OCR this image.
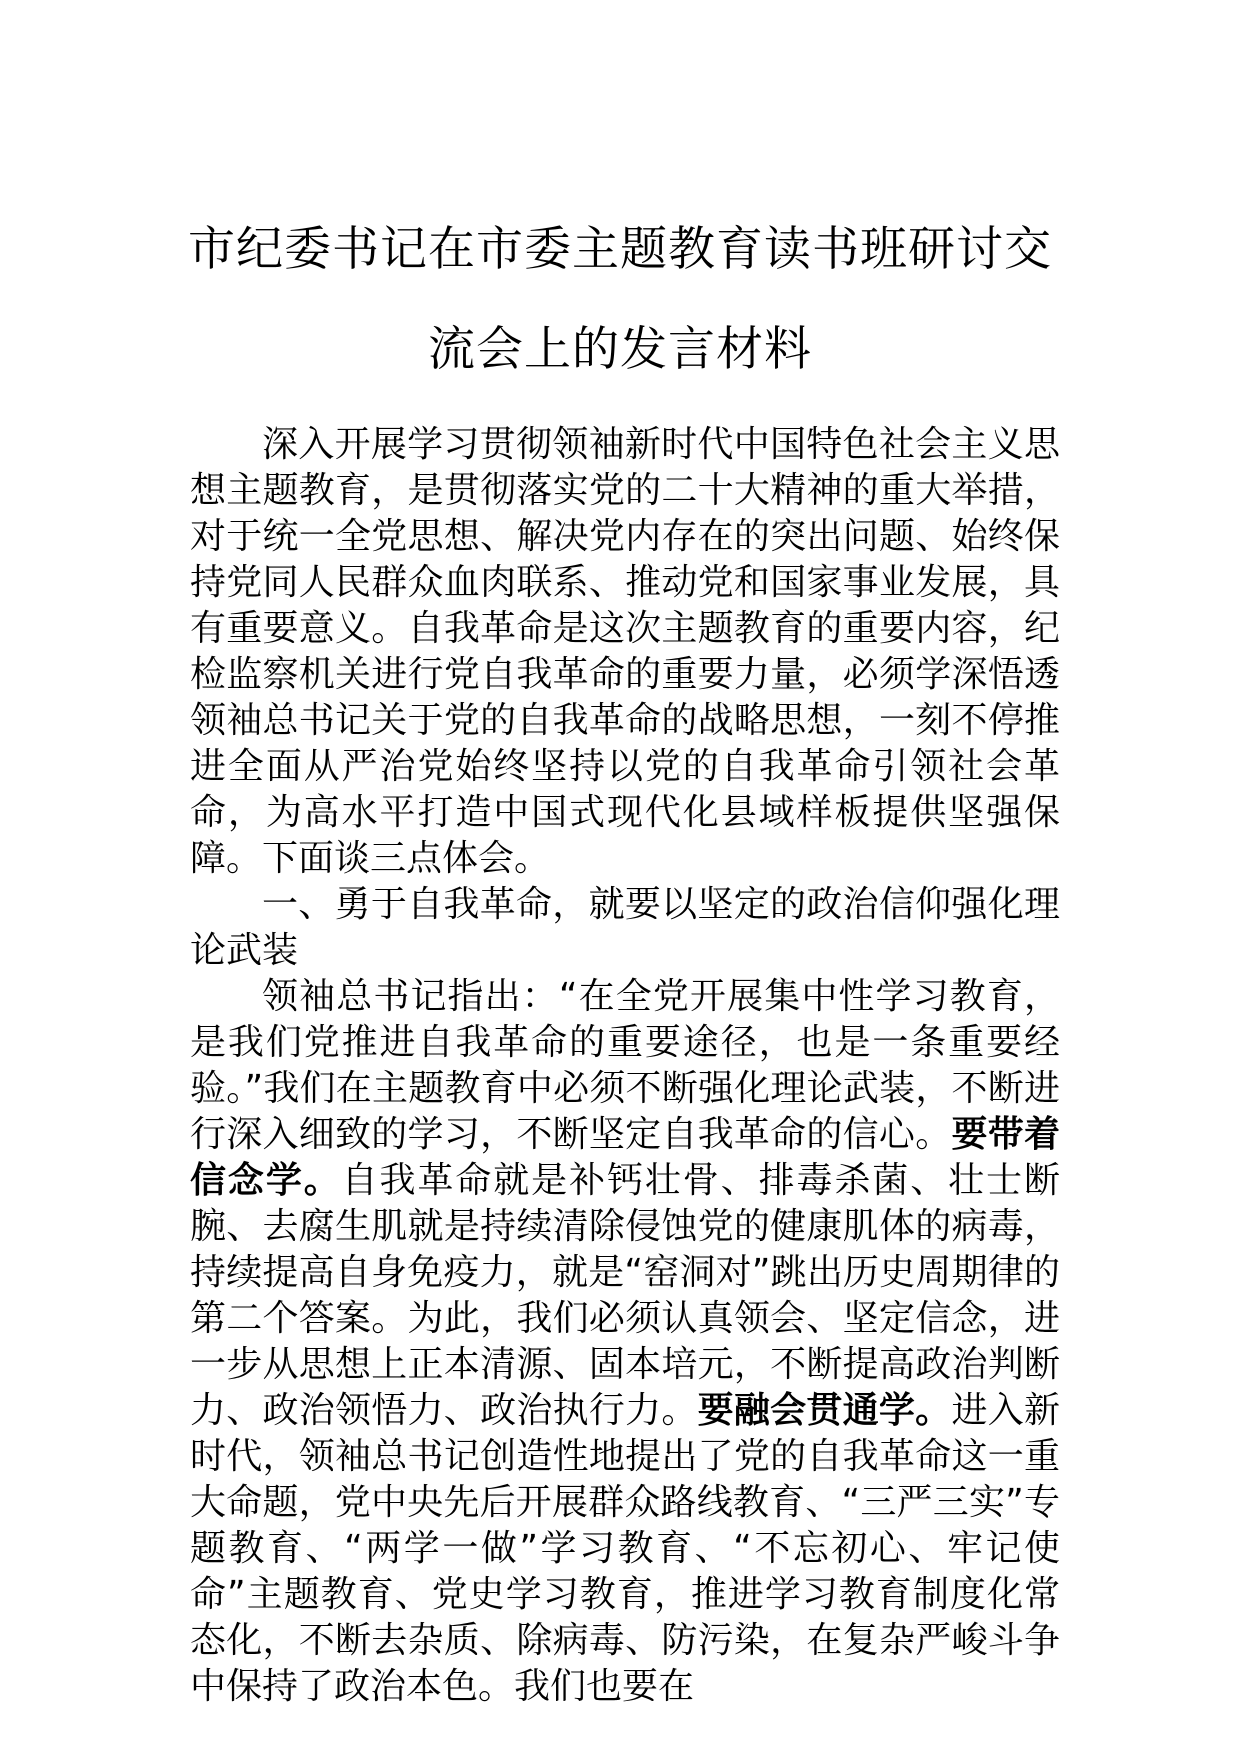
市纪委书记在市委主题教育读书班研讨交
流会上的发言材料

深入开展学习贯彻领袖新时代中国特色社会主义思想主题教育，是贯彻落实党的二十大精神的重大举措，对于统一全党思想、解决党内存在的突出问题、始终保持党同人民群众血肉联系、推动党和国家事业发展，具有重要意义。自我革命是这次主题教育的重要内容，纪检监察机关进行党自我革命的重要力量，必须学深悟透领袖总书记关于党的自我革命的战略思想，一刻不停推进全面从严治党始终坚持以党的自我革命引领社会革命，为高水平打造中国式现代化县域样板提供坚强保障。下面谈三点体会。

一、勇于自我革命，就要以坚定的政治信仰强化理论武装

领袖总书记指出：“在全党开展集中性学习教育，是我们党推进自我革命的重要途径，也是一条重要经验。”我们在主题教育中必须不断强化理论武装，不断进行深入细致的学习，不断坚定自我革命的信心。要带着信念学。自我革命就是补钙壮骨、排毒杀菌、壮士断腕、去腐生肌就是持续清除侵蚀党的健康肌体的病毒，持续提高自身免疫力，就是“窑洞对”跳出历史周期律的第二个答案。为此，我们必须认真领会、坚定信念，进一步从思想上正本清源、固本培元，不断提高政治判断力、政治领悟力、政治执行力。要融会贯通学。进入新时代，领袖总书记创造性地提出了党的自我革命这一重大命题，党中央先后开展群众路线教育、“三严三实”专题教育、“两学一做”学习教育、“不忘初心、牢记使命”主题教育、党史学习教育，推进学习教育制度化常态化，不断去杂质、除病毒、防污染，在复杂严峻斗争中保持了政治本色。我们也要在
